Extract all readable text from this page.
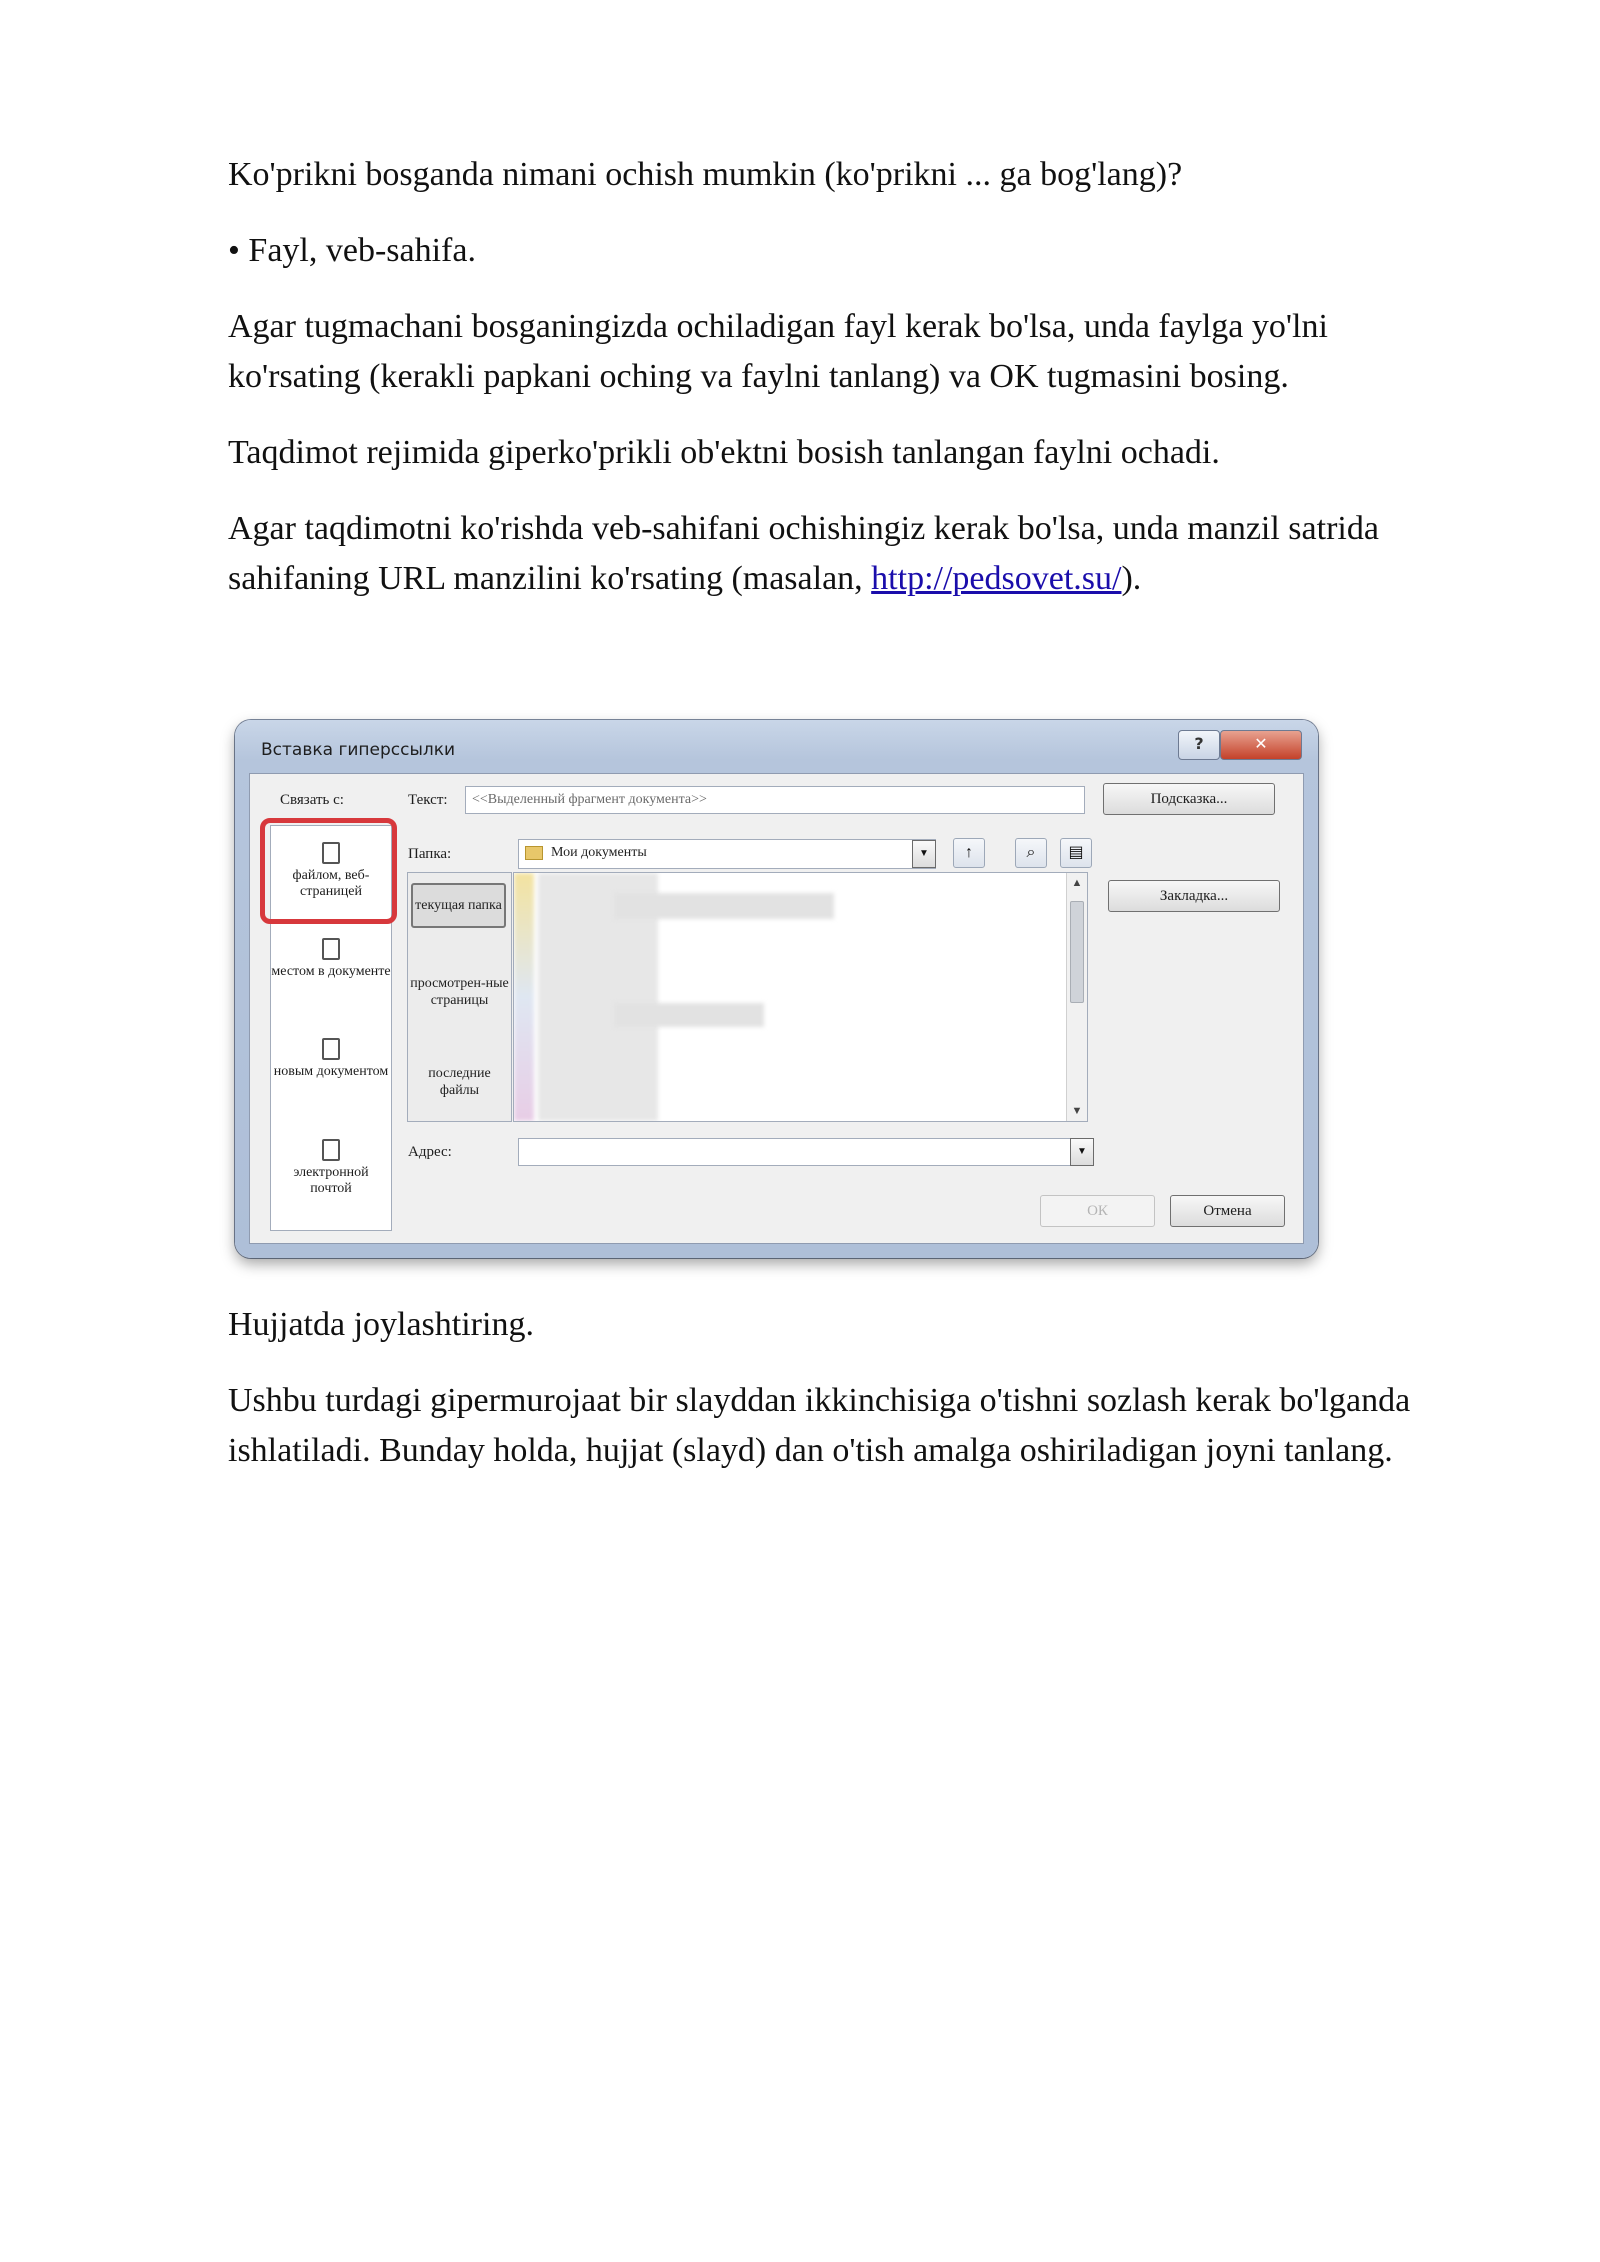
Ko'prikni bosganda nimani ochish mumkin (ko'prikni ... ga bog'lang)?

• Fayl, veb-sahifa.

Agar tugmachani bosganingizda ochiladigan fayl kerak bo'lsa, unda faylga yo'lni ko'rsating (kerakli papkani oching va faylni tanlang) va OK tugmasini bosing.

Taqdimot rejimida giperko'prikli ob'ektni bosish tanlangan faylni ochadi.

Agar taqdimotni ko'rishda veb-sahifani ochishingiz kerak bo'lsa, unda manzil satrida sahifaning URL manzilini ko'rsating (masalan, http://pedsovet.su/).

Hujjatda joylashtiring.

Ushbu turdagi gipermurojaat bir slayddan ikkinchisiga o'tishni sozlash kerak bo'lganda ishlatiladi. Bunday holda, hujjat (slayd) dan o'tish amalga oshiriladigan joyni tanlang.

Вставка гиперссылки	?	✕
Связать с:	Текст:	<<Выделенный фрагмент документа>>	Подсказка...
файлом, веб-страницей
местом в документе
новым документом
электронной почтой
Папка:	Мои документы	▼	↑	⌕	▤
Закладка...
текущая папка
просмотрен-ные страницы
последние файлы
▲
▼
Адрес:	▼
ОК	Отмена
